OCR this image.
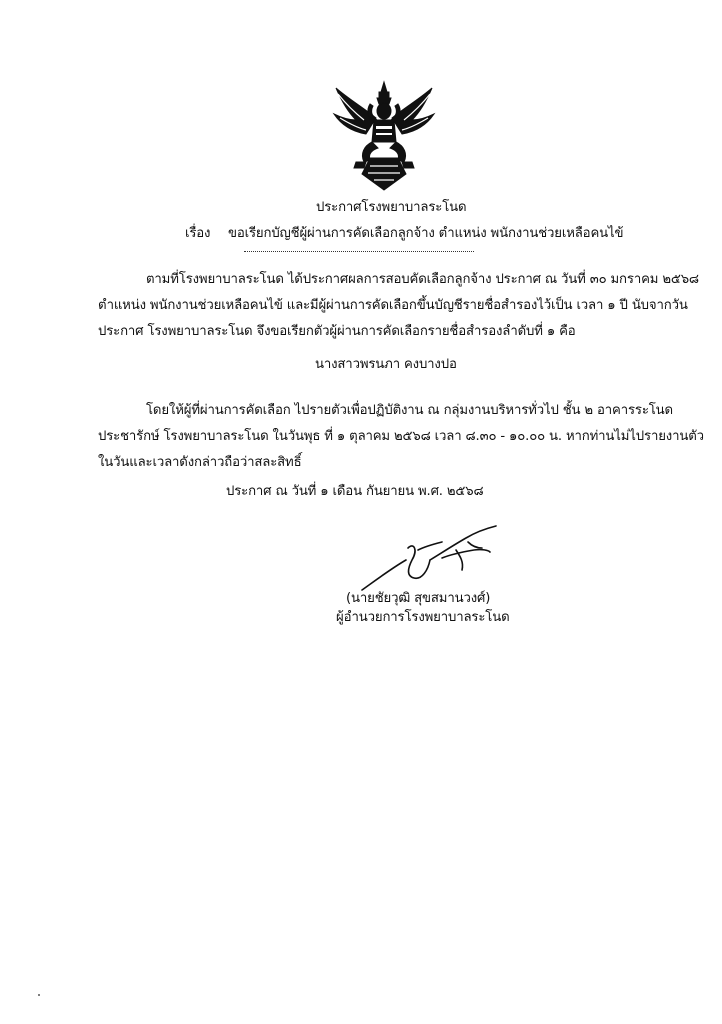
ประกาศโรงพยาบาลระโนด
เรื่อง ขอเรียกบัญชีผู้ผ่านการคัดเลือกลูกจ้าง ตำแหน่ง พนักงานช่วยเหลือคนไข้
ตามที่โรงพยาบาลระโนด ได้ประกาศผลการสอบคัดเลือกลูกจ้าง ประกาศ ณ วันที่ ๓๐ มกราคม ๒๕๖๘
ตำแหน่ง พนักงานช่วยเหลือคนไข้ และมีผู้ผ่านการคัดเลือกขึ้นบัญชีรายชื่อสำรองไว้เป็น เวลา ๑ ปี นับจากวัน
ประกาศ โรงพยาบาลระโนด จึงขอเรียกตัวผู้ผ่านการคัดเลือกรายชื่อสำรองลำดับที่ ๑ คือ
นางสาวพรนภา คงบางปอ
โดยให้ผู้ที่ผ่านการคัดเลือก ไปรายตัวเพื่อปฏิบัติงาน ณ กลุ่มงานบริหารทั่วไป ชั้น ๒ อาคารระโนด
ประชารักษ์ โรงพยาบาลระโนด ในวันพุธ ที่ ๑ ตุลาคม ๒๕๖๘ เวลา ๘.๓๐ - ๑๐.๐๐ น. หากท่านไม่ไปรายงานตัว
ในวันและเวลาดังกล่าวถือว่าสละสิทธิ์
ประกาศ ณ วันที่ ๑ เดือน กันยายน พ.ศ. ๒๕๖๘
(นายชัยวุฒิ สุขสมานวงศ์)
ผู้อำนวยการโรงพยาบาลระโนด
